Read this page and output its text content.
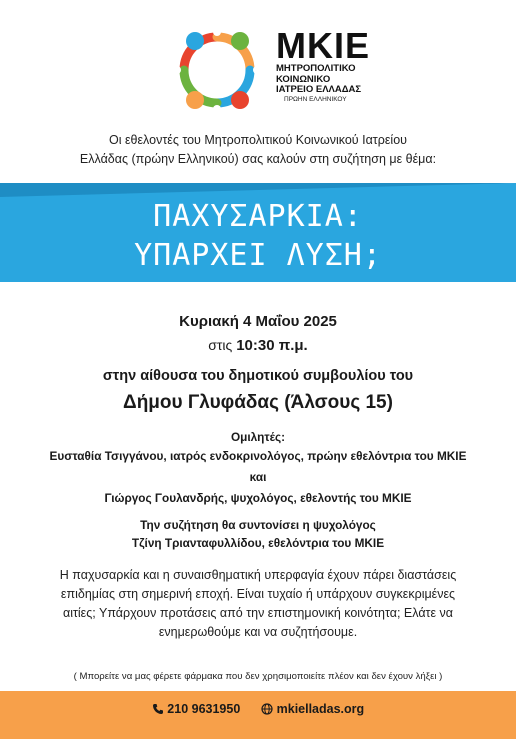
MKIE
ΜΗΤΡΟΠΟΛΙΤΙΚΟ
ΚΟΙΝΩΝΙΚΟ
ΙΑΤΡΕΙΟ ΕΛΛΑΔΑΣ
ΠΡΩΗΝ ΕΛΛΗΝΙΚΟΥ
Οι εθελοντές του Μητροπολιτικού Κοινωνικού Ιατρείου
Ελλάδας (πρώην Ελληνικού) σας καλούν στη συζήτηση με θέμα:
ΠΑΧΥΣΑΡΚΙΑ:
ΥΠΑΡΧΕΙ ΛΥΣΗ;
Κυριακή 4 Μαΐου 2025
στις 10:30 π.μ.
στην αίθουσα του δημοτικού συμβουλίου του
Δήμου Γλυφάδας (Άλσους 15)
Ομιλητές:
Ευσταθία Τσιγγάνου, ιατρός ενδοκρινολόγος, πρώην εθελόντρια του ΜΚΙΕ
και
Γιώργος Γουλανδρής, ψυχολόγος, εθελοντής του ΜΚΙΕ
Την συζήτηση θα συντονίσει η ψυχολόγος
Τζίνη Τριανταφυλλίδου, εθελόντρια του ΜΚΙΕ
Η παχυσαρκία και η συναισθηματική υπερφαγία έχουν πάρει διαστάσεις
επιδημίας στη σημερινή εποχή. Είναι τυχαίο ή υπάρχουν συγκεκριμένες
αιτίες; Υπάρχουν προτάσεις από την επιστημονική κοινότητα; Ελάτε να
ενημερωθούμε και να συζητήσουμε.
( Μπορείτε να μας φέρετε φάρμακα που δεν χρησιμοποιείτε πλέον και δεν έχουν λήξει )
210 9631950	mkielladas.org
